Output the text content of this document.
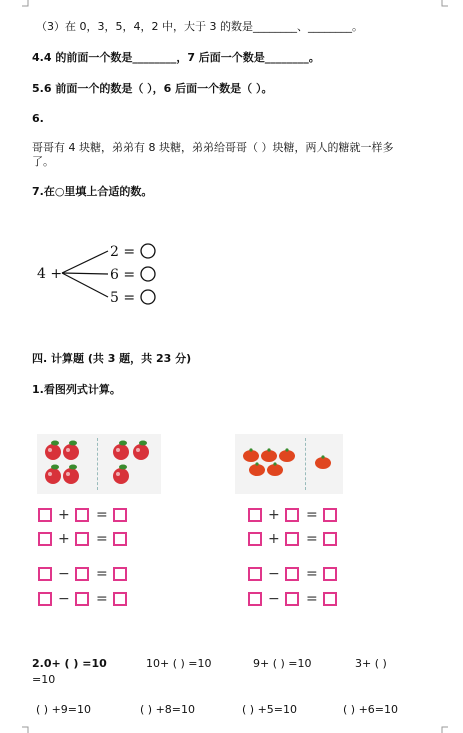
（3）在 0，3，5，4，2 中，大于 3 的数是________、________。
4.4 的前面一个数是________，7 后面一个数是________。
5.6 前面一个的数是（ ），6 后面一个数是（ ）。
6.
哥哥有 4 块糖，弟弟有 8 块糖，弟弟给哥哥（ ）块糖，两人的糖就一样多
了。
7.在○里填上合适的数。
4 +
2 =
6 =
5 =
四. 计算题 (共 3 题，共 23 分)
1.看图列式计算。
+ =
+ =
− =
− =
+ =
+ =
− =
− =
2.0+ ( ) =10	10+ ( ) =10	9+ ( ) =10	3+ ( )
=10
( ) +9=10	( ) +8=10	( ) +5=10	( ) +6=10
